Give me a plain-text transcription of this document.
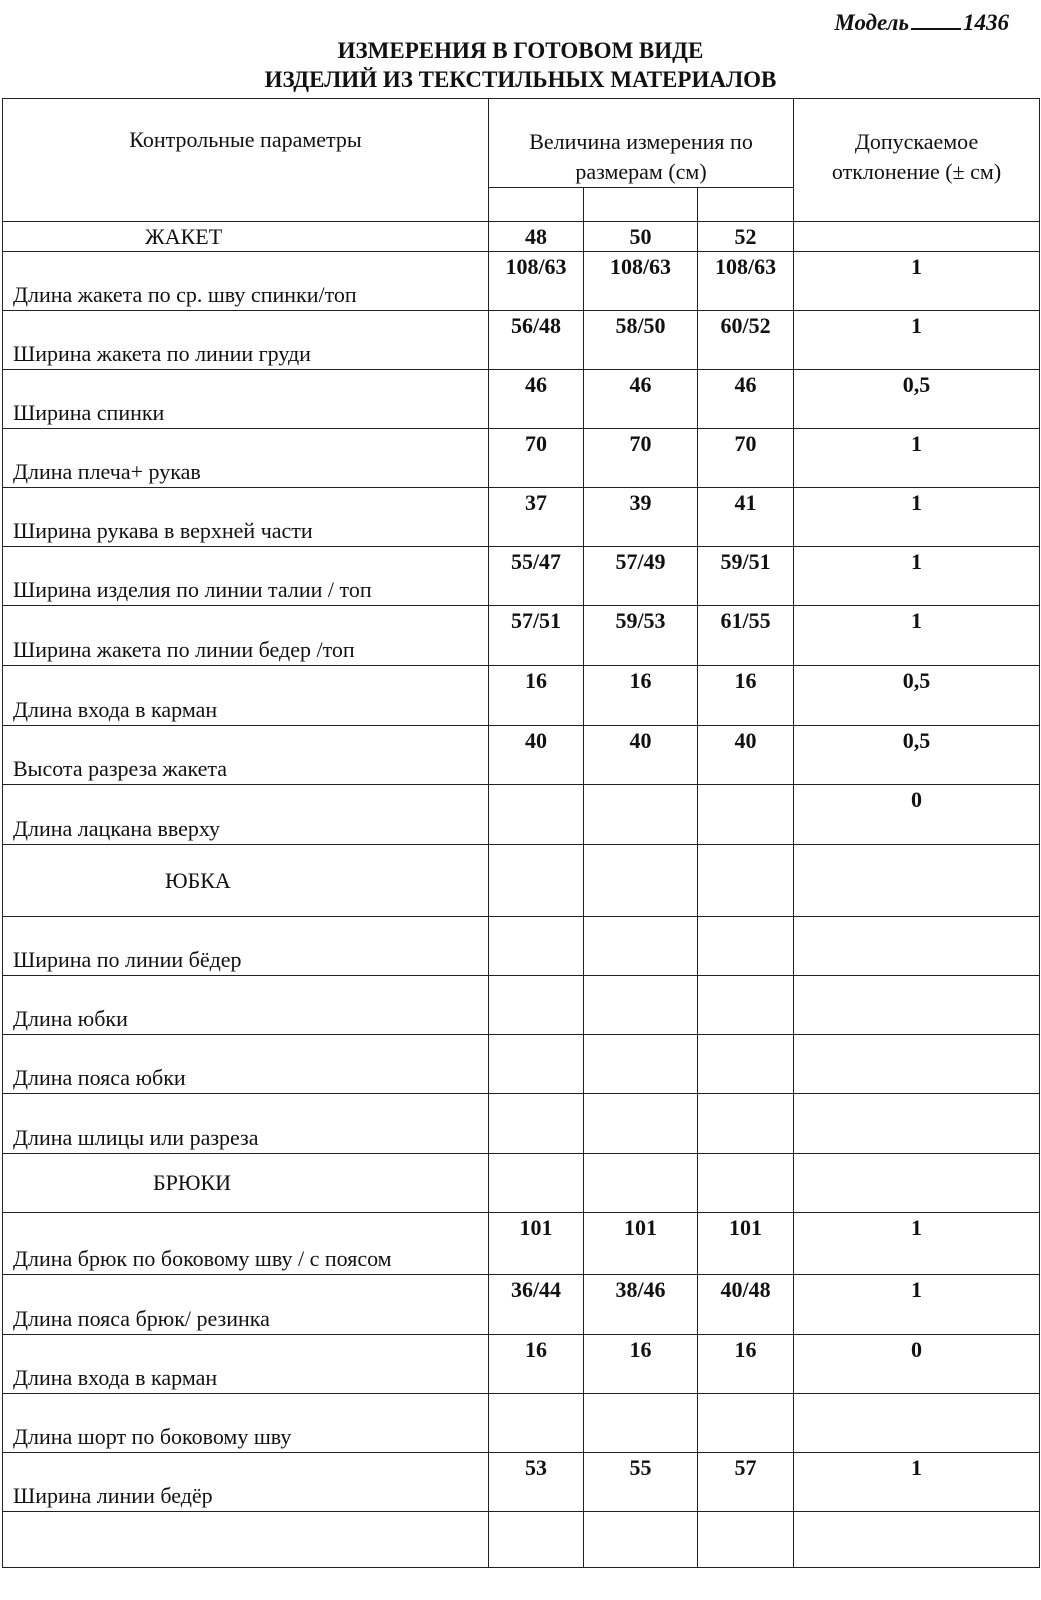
Модель 1436
ИЗМЕРЕНИЯ В ГОТОВОМ ВИДЕ
ИЗДЕЛИЙ ИЗ ТЕКСТИЛЬНЫХ МАТЕРИАЛОВ
Контрольные параметры	Величина измерения по
размерам (см)			Допускаемое
отклонение (± см)

ЖАКЕТ	48	50	52	
Длина жакета по ср. шву спинки/топ	108/63	108/63	108/63	1
Ширина жакета по линии груди	56/48	58/50	60/52	1
Ширина спинки	46	46	46	0,5
Длина плеча+ рукав	70	70	70	1
Ширина рукава в верхней части	37	39	41	1
Ширина изделия по линии талии / топ	55/47	57/49	59/51	1
Ширина жакета по линии бедер /топ	57/51	59/53	61/55	1
Длина входа в карман	16	16	16	0,5
Высота разреза жакета	40	40	40	0,5
Длина лацкана вверху				0
ЮБКА				
Ширина по линии бёдер				
Длина юбки				
Длина пояса юбки				
Длина шлицы или разреза				
БРЮКИ				
Длина брюк по боковому шву / с поясом	101	101	101	1
Длина пояса брюк/ резинка	36/44	38/46	40/48	1
Длина входа в карман	16	16	16	0
Длина шорт по боковому шву				
Ширина линии бедёр	53	55	57	1
